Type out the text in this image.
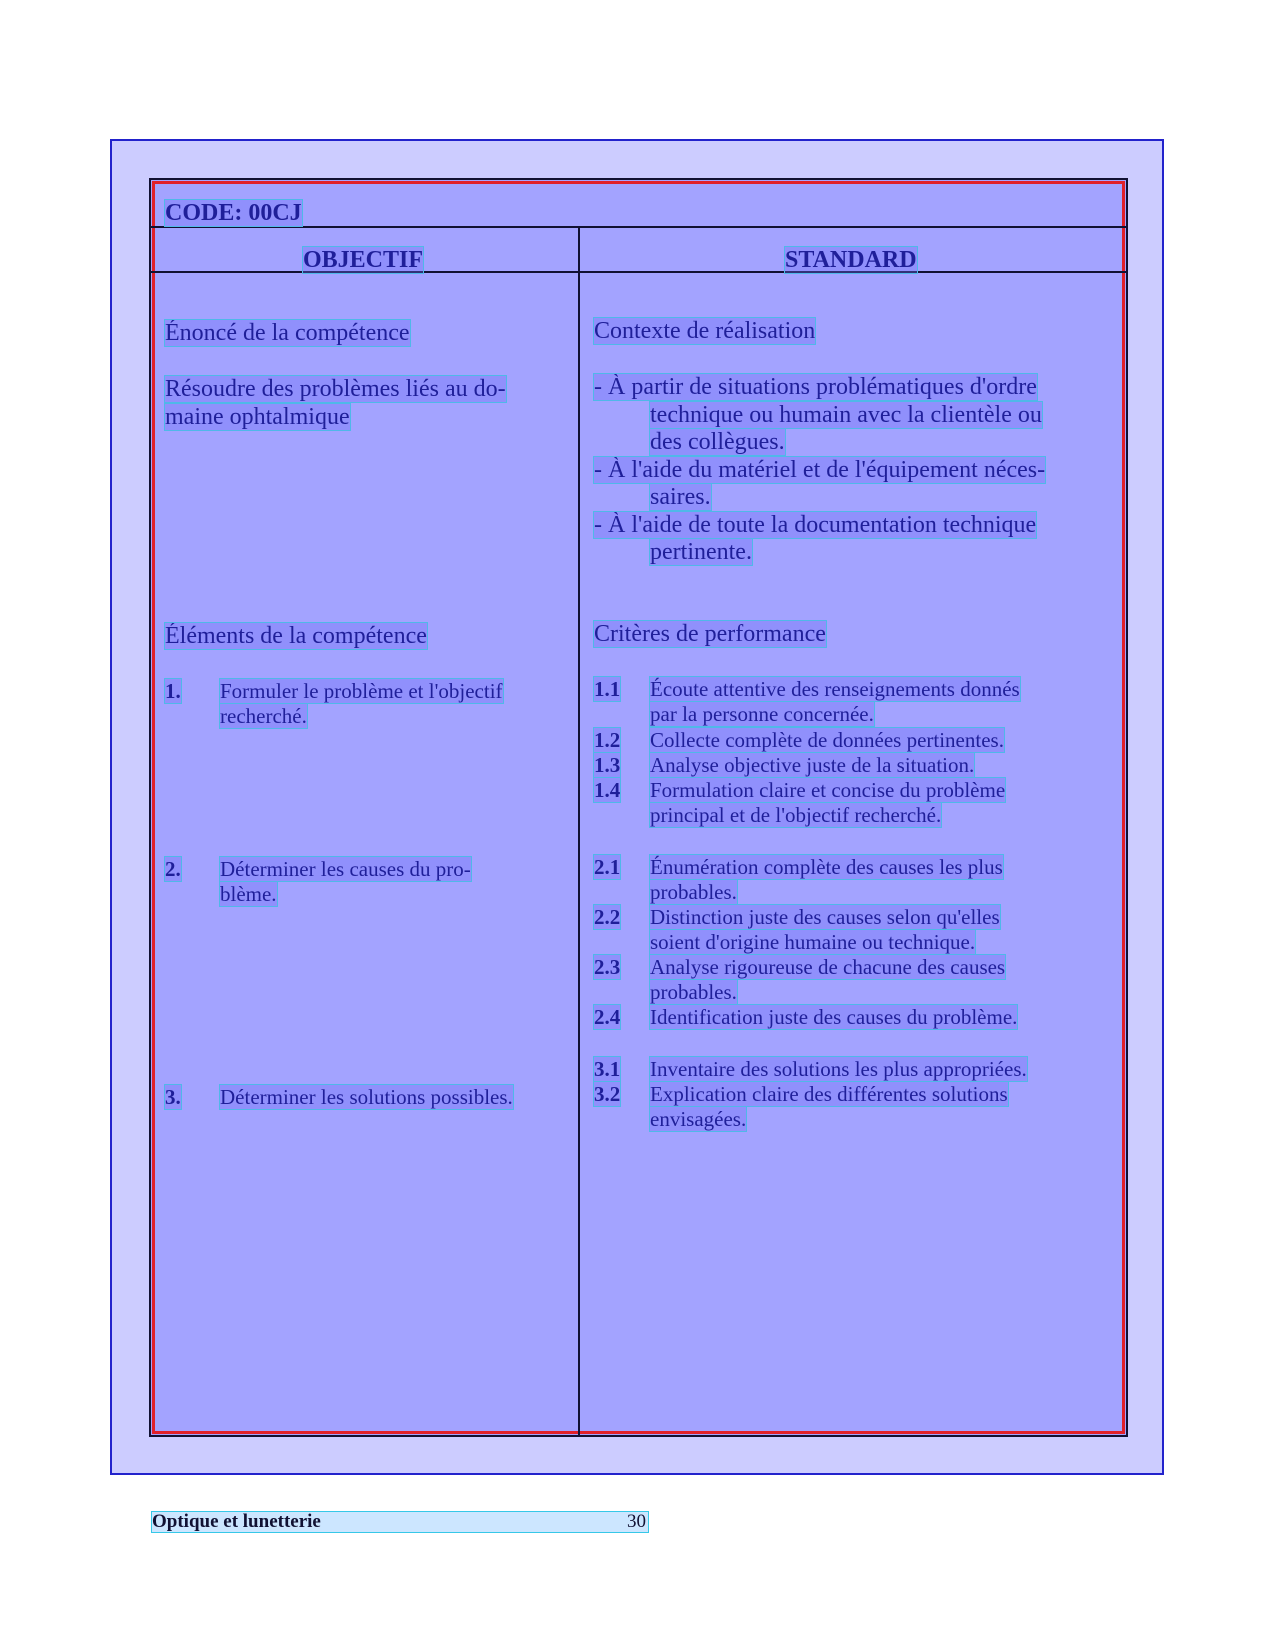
CODE: 00CJ
OBJECTIF	STANDARD
Énoncé de la compétence
Résoudre des problèmes liés au do-
maine ophtalmique
Contexte de réalisation
- À partir de situations problématiques d'ordre
technique ou humain avec la clientèle ou
des collègues.
- À l'aide du matériel et de l'équipement néces-
saires.
- À l'aide de toute la documentation technique
pertinente.
Éléments de la compétence
1. Formuler le problème et l'objectif
recherché.
2. Déterminer les causes du pro-
blème.
3. Déterminer les solutions possibles.
Critères de performance
1.1 Écoute attentive des renseignements donnés
par la personne concernée.
1.2 Collecte complète de données pertinentes.
1.3 Analyse objective juste de la situation.
1.4 Formulation claire et concise du problème
principal et de l'objectif recherché.
2.1 Énumération complète des causes les plus
probables.
2.2 Distinction juste des causes selon qu'elles
soient d'origine humaine ou technique.
2.3 Analyse rigoureuse de chacune des causes
probables.
2.4 Identification juste des causes du problème.
3.1 Inventaire des solutions les plus appropriées.
3.2 Explication claire des différentes solutions
envisagées.
Optique et lunetterie	30
